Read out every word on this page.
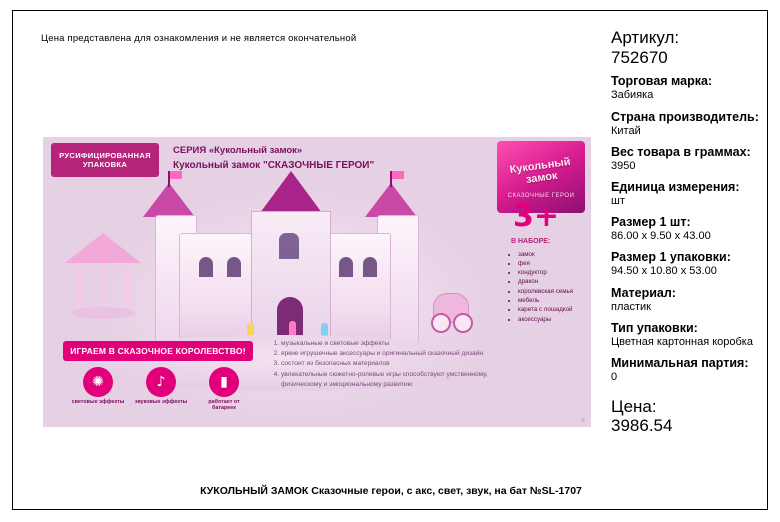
Цена представлена для ознакомления и не является окончательной
РУСИФИЦИРОВАННАЯ
УПАКОВКА
СЕРИЯ «Кукольный замок»
Кукольный замок "СКАЗОЧНЫЕ ГЕРОИ"	Кукольный замок
СКАЗОЧНЫЕ ГЕРОИ
3+
В НАБОРЕ:
• замок
• фея
• кондуктор
• дракон
• королевская семья
• мебель
• карета с лошадкой
• аксессуары
ИГРАЕМ В СКАЗОЧНОЕ КОРОЛЕВСТВО!
✺
световые эффекты
♪
звуковые эффекты
▮
работает от батареек
1. музыкальные и световые эффекты
2. яркие игрушечные аксессуары и оригинальный сказочный дизайн
3. состоит из безопасных материалов
4. увлекательные сюжетно-ролевые игры способствуют умственному, физическому и эмоциональному развитию
®
Артикул:
752670
Торговая марка:
Забияка
Страна производитель:
Китай
Вес товара в граммах:
3950
Единица измерения:
шт
Размер 1 шт:
86.00 x 9.50 x 43.00
Размер 1 упаковки:
94.50 x 10.80 x 53.00
Материал:
пластик
Тип упаковки:
Цветная картонная коробка
Минимальная партия:
0
Цена:
3986.54
КУКОЛЬНЫЙ ЗАМОК Сказочные герои, с акс, свет, звук, на бат №SL-1707
